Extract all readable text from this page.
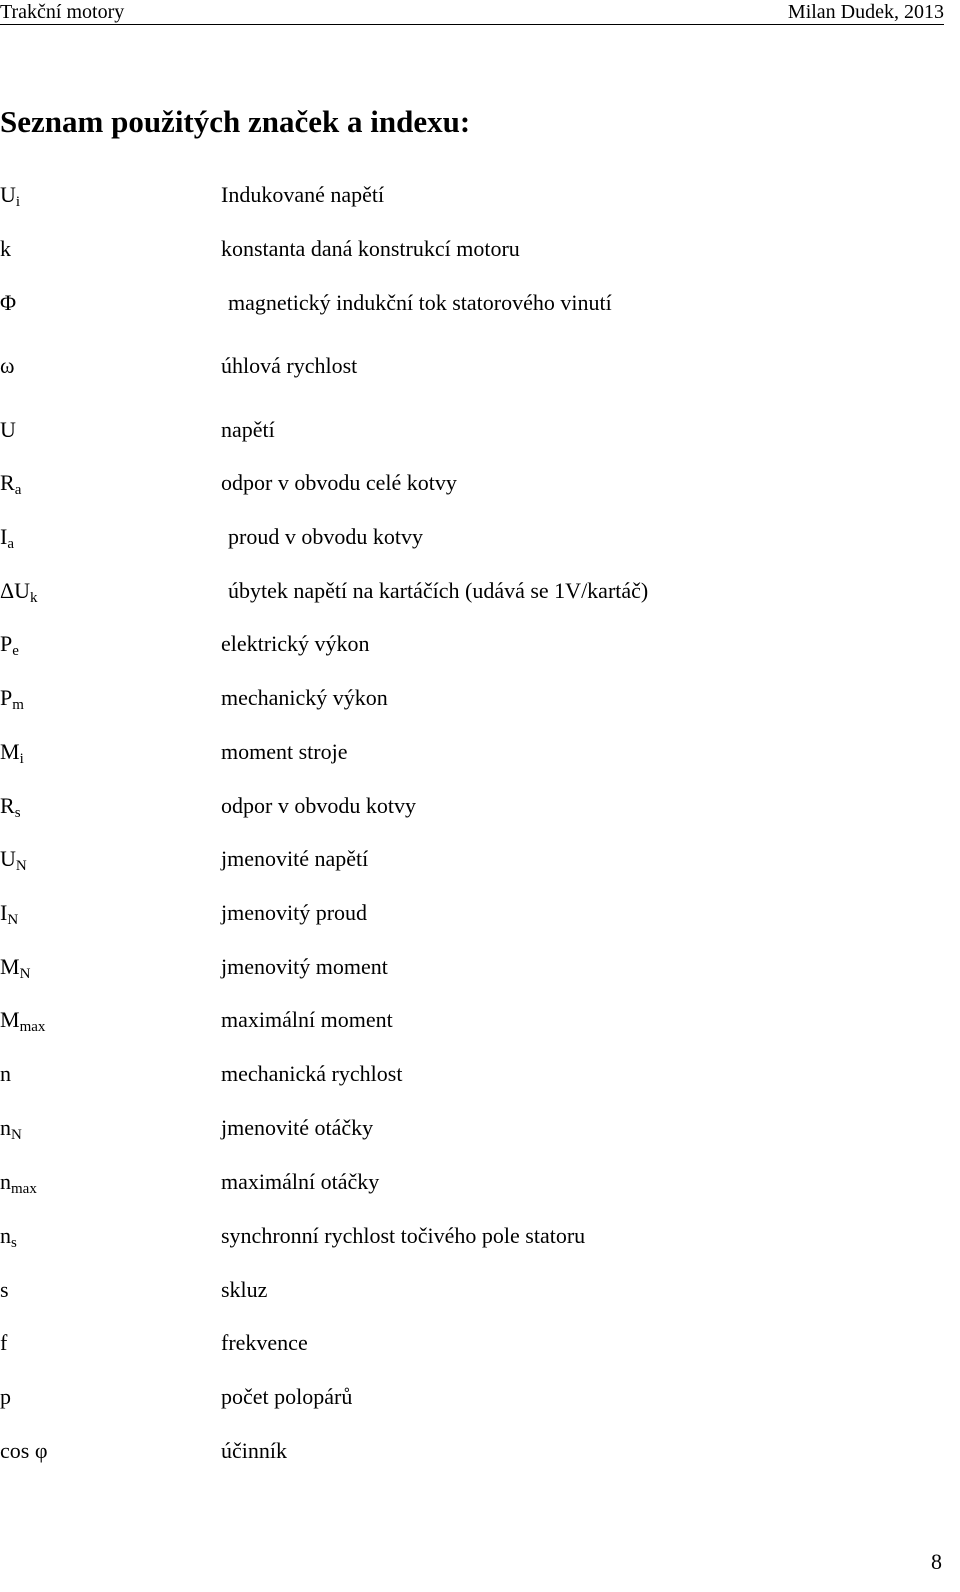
Trakční motory	Milan Dudek, 2013
Seznam použitých značek a indexu:
$U_i$	Indukované napětí
k	konstanta daná konstrukcí motoru
Φ	magnetický indukční tok statorového vinutí
ω	úhlová rychlost
U	napětí
$R_a$	odpor v obvodu celé kotvy
$I_a$	proud v obvodu kotvy
$\Delta U_k$	úbytek napětí na kartáčích (udává se 1V/kartáč)
$P_e$	elektrický výkon
$P_m$	mechanický výkon
$M_i$	moment stroje
$R_s$	odpor v obvodu kotvy
$U_N$	jmenovité napětí
$I_N$	jmenovitý proud
$M_N$	jmenovitý moment
$M_{max}$	maximální moment
n	mechanická rychlost
$n_N$	jmenovité otáčky
$n_{max}$	maximální otáčky
$n_s$	synchronní rychlost točivého pole statoru
s	skluz
f	frekvence
p	počet polopárů
cos φ	účinník
8
